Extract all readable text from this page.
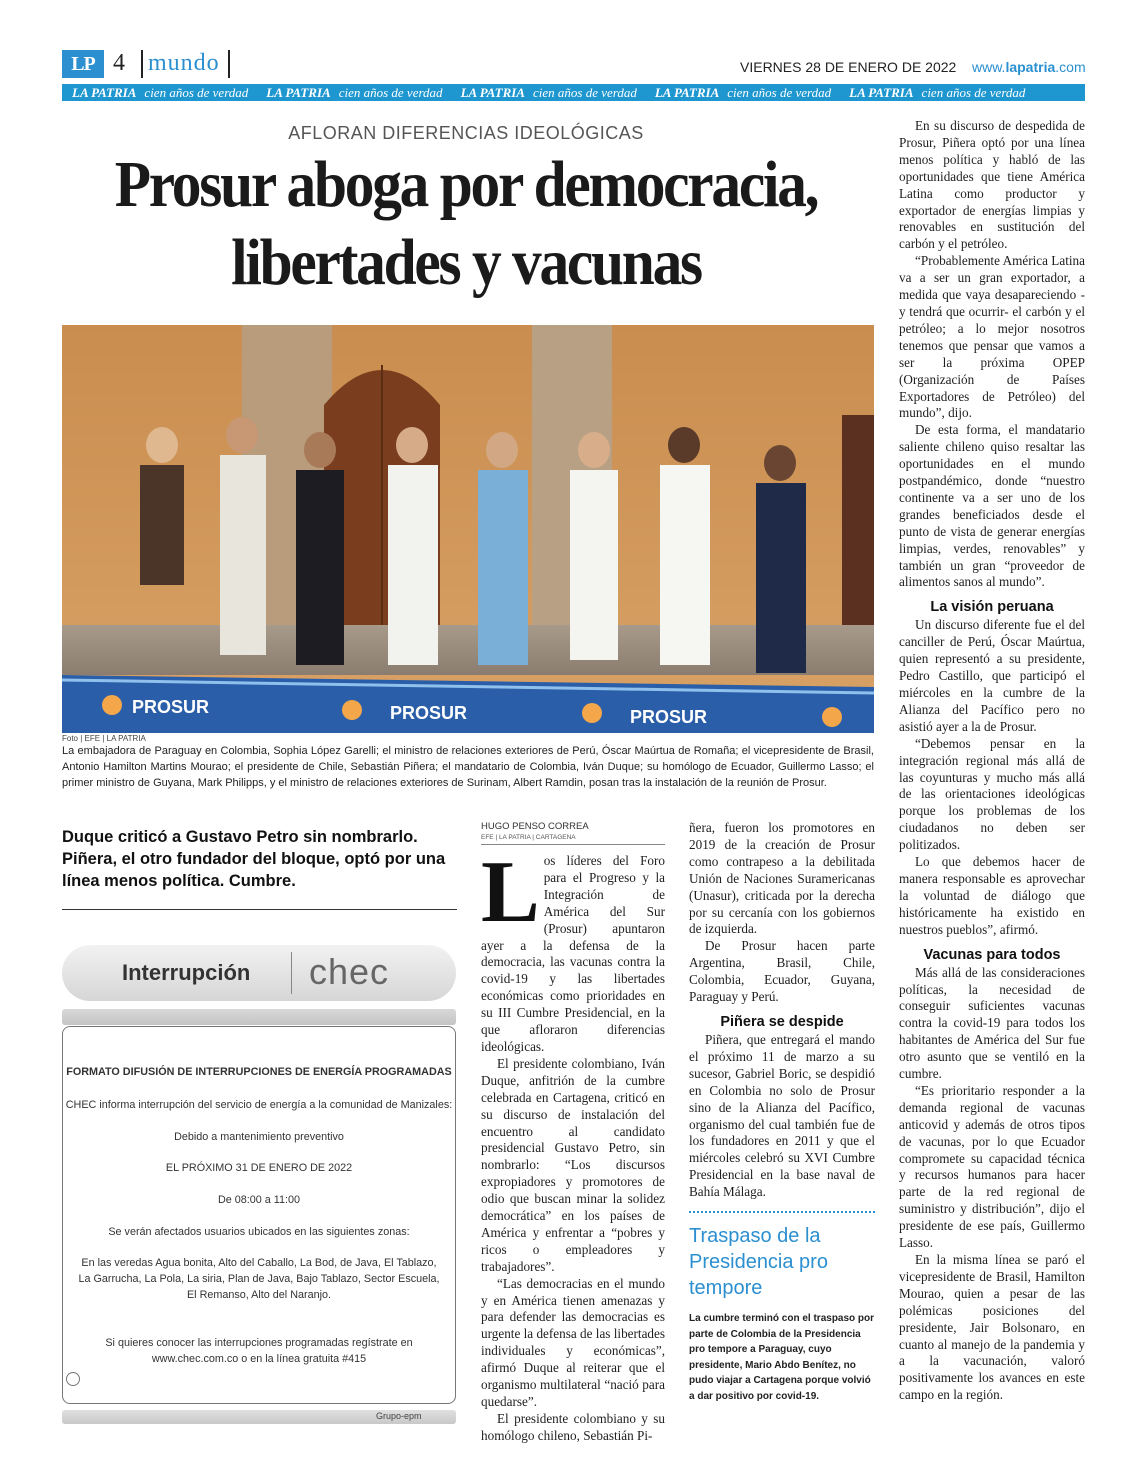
LP 4 mundo	VIERNES 28 DE ENERO DE 2022 www.lapatria.com
LA PATRIA cien años de verdad LA PATRIA cien años de verdad LA PATRIA cien años de verdad LA PATRIA cien años de verdad LA PATRIA cien años de verdad
AFLORAN DIFERENCIAS IDEOLÓGICAS
Prosur aboga por democracia,
libertades y vacunas
PROSUR	PROSUR	PROSUR
Foto | EFE | LA PATRIA
La embajadora de Paraguay en Colombia, Sophia López Garelli; el ministro de relaciones exteriores de Perú, Óscar Maúrtua de Romaña; el vicepresidente de Brasil, Antonio Hamilton Martins Mourao; el presidente de Chile, Sebastián Piñera; el mandatario de Colombia, Iván Duque; su homólogo de Ecuador, Guillermo Lasso; el primer ministro de Guyana, Mark Philipps, y el ministro de relaciones exteriores de Surinam, Albert Ramdin, posan tras la instalación de la reunión de Prosur.
Duque criticó a Gustavo Petro sin nombrarlo. Piñera, el otro fundador del bloque, optó por una línea menos política. Cumbre.
HUGO PENSO CORREA
EFE | LA PATRIA | CARTAGENA

Los líderes del Foro para el Progreso y la Integración de América del Sur (Prosur) apuntaron ayer a la defensa de la democracia, las vacunas contra la covid-19 y las libertades económicas como prioridades en su III Cumbre Presidencial, en la que afloraron diferencias ideológicas.

El presidente colombiano, Iván Duque, anfitrión de la cumbre celebrada en Cartagena, criticó en su discurso de instalación del encuentro al candidato presidencial Gustavo Petro, sin nombrarlo: “Los discursos expropiadores y promotores de odio que buscan minar la solidez democrática” en los países de América y enfrentar a “pobres y ricos o empleadores y trabajadores”.

“Las democracias en el mundo y en América tienen amenazas y para defender las democracias es urgente la defensa de las libertades individuales y económicas”, afirmó Duque al reiterar que el organismo multilateral “nació para quedarse”.

El presidente colombiano y su homólogo chileno, Sebastián Pi-

ñera, fueron los promotores en 2019 de la creación de Prosur como contrapeso a la debilitada Unión de Naciones Suramericanas (Unasur), criticada por la derecha por su cercanía con los gobiernos de izquierda.

De Prosur hacen parte Argentina, Brasil, Chile, Colombia, Ecuador, Guyana, Paraguay y Perú.

Piñera se despide

Piñera, que entregará el mando el próximo 11 de marzo a su sucesor, Gabriel Boric, se despidió en Colombia no solo de Prosur sino de la Alianza del Pacífico, organismo del cual también fue de los fundadores en 2011 y que el miércoles celebró su XVI Cumbre Presidencial en la base naval de Bahía Málaga.

Traspaso de la Presidencia pro tempore
La cumbre terminó con el traspaso por parte de Colombia de la Presidencia pro tempore a Paraguay, cuyo presidente, Mario Abdo Benítez, no pudo viajar a Cartagena porque volvió a dar positivo por covid-19.

En su discurso de despedida de Prosur, Piñera optó por una línea menos política y habló de las oportunidades que tiene América Latina como productor y exportador de energías limpias y renovables en sustitución del carbón y el petróleo.

“Probablemente América Latina va a ser un gran exportador, a medida que vaya desapareciendo -y tendrá que ocurrir- el carbón y el petróleo; a lo mejor nosotros tenemos que pensar que vamos a ser la próxima OPEP (Organización de Países Exportadores de Petróleo) del mundo”, dijo.

De esta forma, el mandatario saliente chileno quiso resaltar las oportunidades en el mundo postpandémico, donde “nuestro continente va a ser uno de los grandes beneficiados desde el punto de vista de generar energías limpias, verdes, renovables” y también un gran “proveedor de alimentos sanos al mundo”.

La visión peruana

Un discurso diferente fue el del canciller de Perú, Óscar Maúrtua, quien representó a su presidente, Pedro Castillo, que participó el miércoles en la cumbre de la Alianza del Pacífico pero no asistió ayer a la de Prosur.

“Debemos pensar en la integración regional más allá de las coyunturas y mucho más allá de las orientaciones ideológicas porque los problemas de los ciudadanos no deben ser politizados.

Lo que debemos hacer de manera responsable es aprovechar la voluntad de diálogo que históricamente ha existido en nuestros pueblos”, afirmó.

Vacunas para todos

Más allá de las consideraciones políticas, la necesidad de conseguir suficientes vacunas contra la covid-19 para todos los habitantes de América del Sur fue otro asunto que se ventiló en la cumbre.

“Es prioritario responder a la demanda regional de vacunas anticovid y además de otros tipos de vacunas, por lo que Ecuador compromete su capacidad técnica y recursos humanos para hacer parte de la red regional de suministro y distribución”, dijo el presidente de ese país, Guillermo Lasso.

En la misma línea se paró el vicepresidente de Brasil, Hamilton Mourao, quien a pesar de las polémicas posiciones del presidente, Jair Bolsonaro, en cuanto al manejo de la pandemia y a la vacunación, valoró positivamente los avances en este campo en la región.

Interrupción chec
FORMATO DIFUSIÓN DE INTERRUPCIONES DE ENERGÍA PROGRAMADAS
CHEC informa interrupción del servicio de energía a la comunidad de Manizales:
Debido a mantenimiento preventivo
EL PRÓXIMO 31 DE ENERO DE 2022
De 08:00 a 11:00
Se verán afectados usuarios ubicados en las siguientes zonas:
En las veredas Agua bonita, Alto del Caballo, La Bod, de Java, El Tablazo,
La Garrucha, La Pola, La siria, Plan de Java, Bajo Tablazo, Sector Escuela,
El Remanso, Alto del Naranjo.
Si quieres conocer las interrupciones programadas regístrate en
www.chec.com.co o en la línea gratuita #415
Grupo-epm
